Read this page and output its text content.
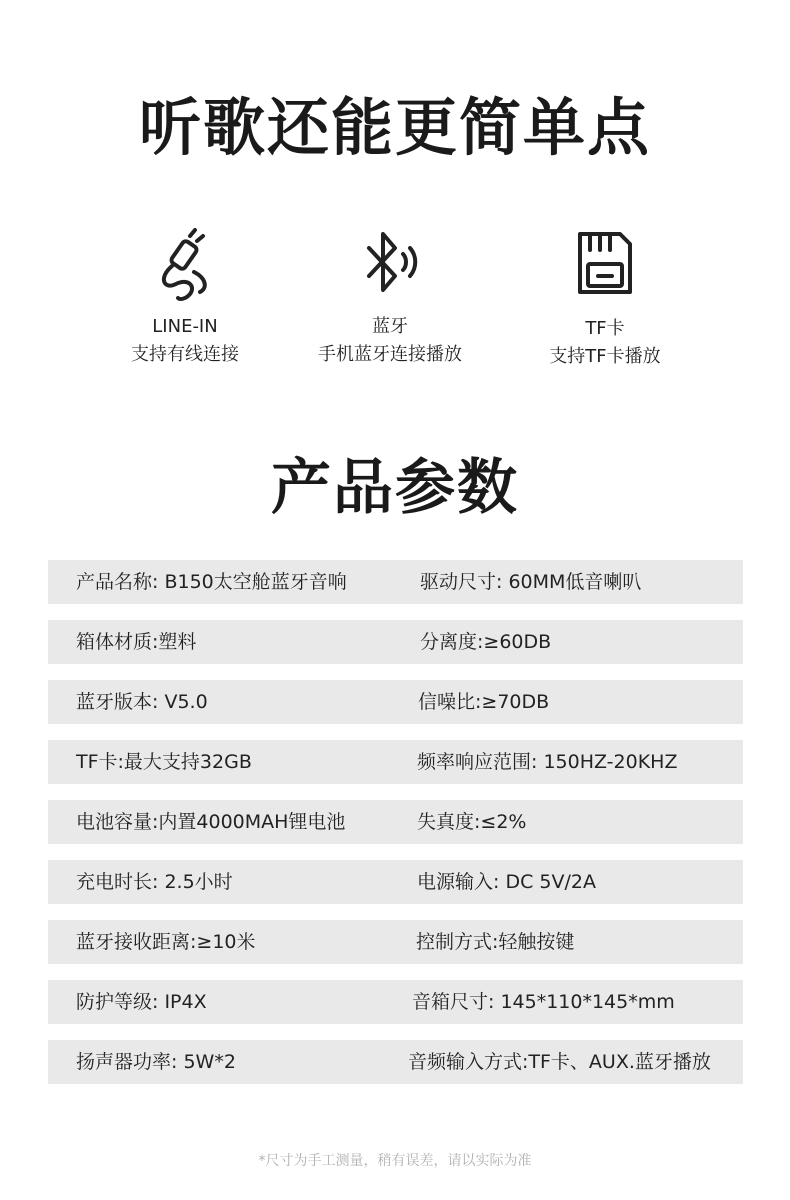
听歌还能更简单点
LINE-IN
支持有线连接
蓝牙
手机蓝牙连接播放
TF卡
支持TF卡播放
产品参数
产品名称: B150太空舱蓝牙音响	驱动尺寸: 60MM低音喇叭
箱体材质:塑料	分离度:≥60DB
蓝牙版本: V5.0	信噪比:≥70DB
TF卡:最大支持32GB	频率响应范围: 150HZ-20KHZ
电池容量:内置4000MAH锂电池	失真度:≤2%
充电时长: 2.5小时	电源输入: DC 5V/2A
蓝牙接收距离:≥10米	控制方式:轻触按键
防护等级: IP4X	音箱尺寸: 145*110*145*mm
扬声器功率: 5W*2	音频输入方式:TF卡、AUX.蓝牙播放
*尺寸为手工测量，稍有误差，请以实际为准
